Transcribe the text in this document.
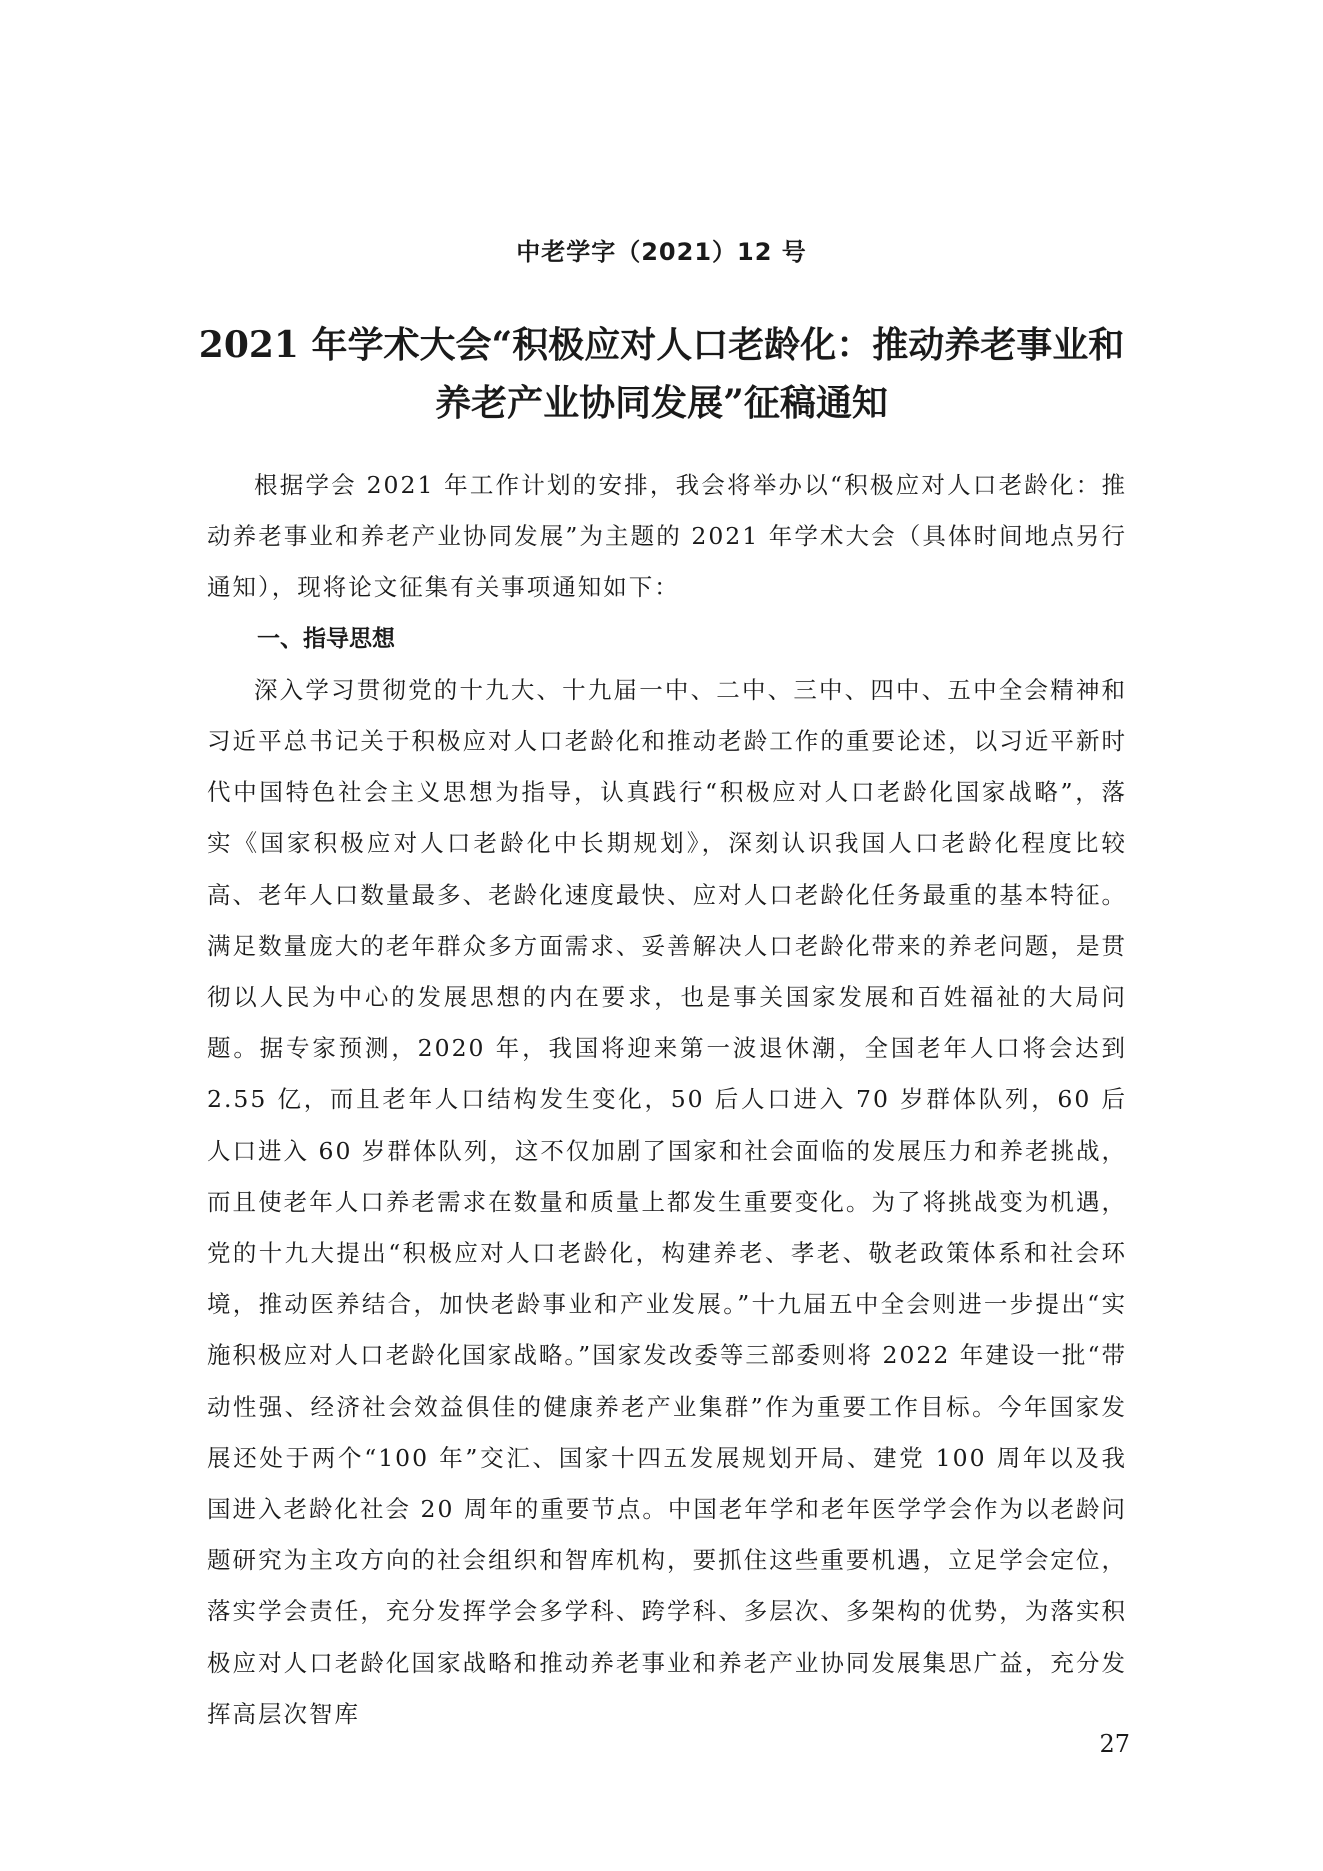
中老学字（2021）12 号
2021 年学术大会“积极应对人口老龄化：推动养老事业和
养老产业协同发展”征稿通知

根据学会 2021 年工作计划的安排，我会将举办以“积极应对人口老龄化：推动养老事业和养老产业协同发展”为主题的 2021 年学术大会（具体时间地点另行通知），现将论文征集有关事项通知如下：

一、指导思想

深入学习贯彻党的十九大、十九届一中、二中、三中、四中、五中全会精神和习近平总书记关于积极应对人口老龄化和推动老龄工作的重要论述，以习近平新时代中国特色社会主义思想为指导，认真践行“积极应对人口老龄化国家战略”，落实《国家积极应对人口老龄化中长期规划》，深刻认识我国人口老龄化程度比较高、老年人口数量最多、老龄化速度最快、应对人口老龄化任务最重的基本特征。满足数量庞大的老年群众多方面需求、妥善解决人口老龄化带来的养老问题，是贯彻以人民为中心的发展思想的内在要求，也是事关国家发展和百姓福祉的大局问题。据专家预测，2020 年，我国将迎来第一波退休潮，全国老年人口将会达到 2.55 亿，而且老年人口结构发生变化，50 后人口进入 70 岁群体队列，60 后人口进入 60 岁群体队列，这不仅加剧了国家和社会面临的发展压力和养老挑战，而且使老年人口养老需求在数量和质量上都发生重要变化。为了将挑战变为机遇，党的十九大提出“积极应对人口老龄化，构建养老、孝老、敬老政策体系和社会环境，推动医养结合，加快老龄事业和产业发展。”十九届五中全会则进一步提出“实施积极应对人口老龄化国家战略。”国家发改委等三部委则将 2022 年建设一批“带动性强、经济社会效益俱佳的健康养老产业集群”作为重要工作目标。今年国家发展还处于两个“100 年”交汇、国家十四五发展规划开局、建党 100 周年以及我国进入老龄化社会 20 周年的重要节点。中国老年学和老年医学学会作为以老龄问题研究为主攻方向的社会组织和智库机构，要抓住这些重要机遇，立足学会定位，落实学会责任，充分发挥学会多学科、跨学科、多层次、多架构的优势，为落实积极应对人口老龄化国家战略和推动养老事业和养老产业协同发展集思广益，充分发挥高层次智库

27
